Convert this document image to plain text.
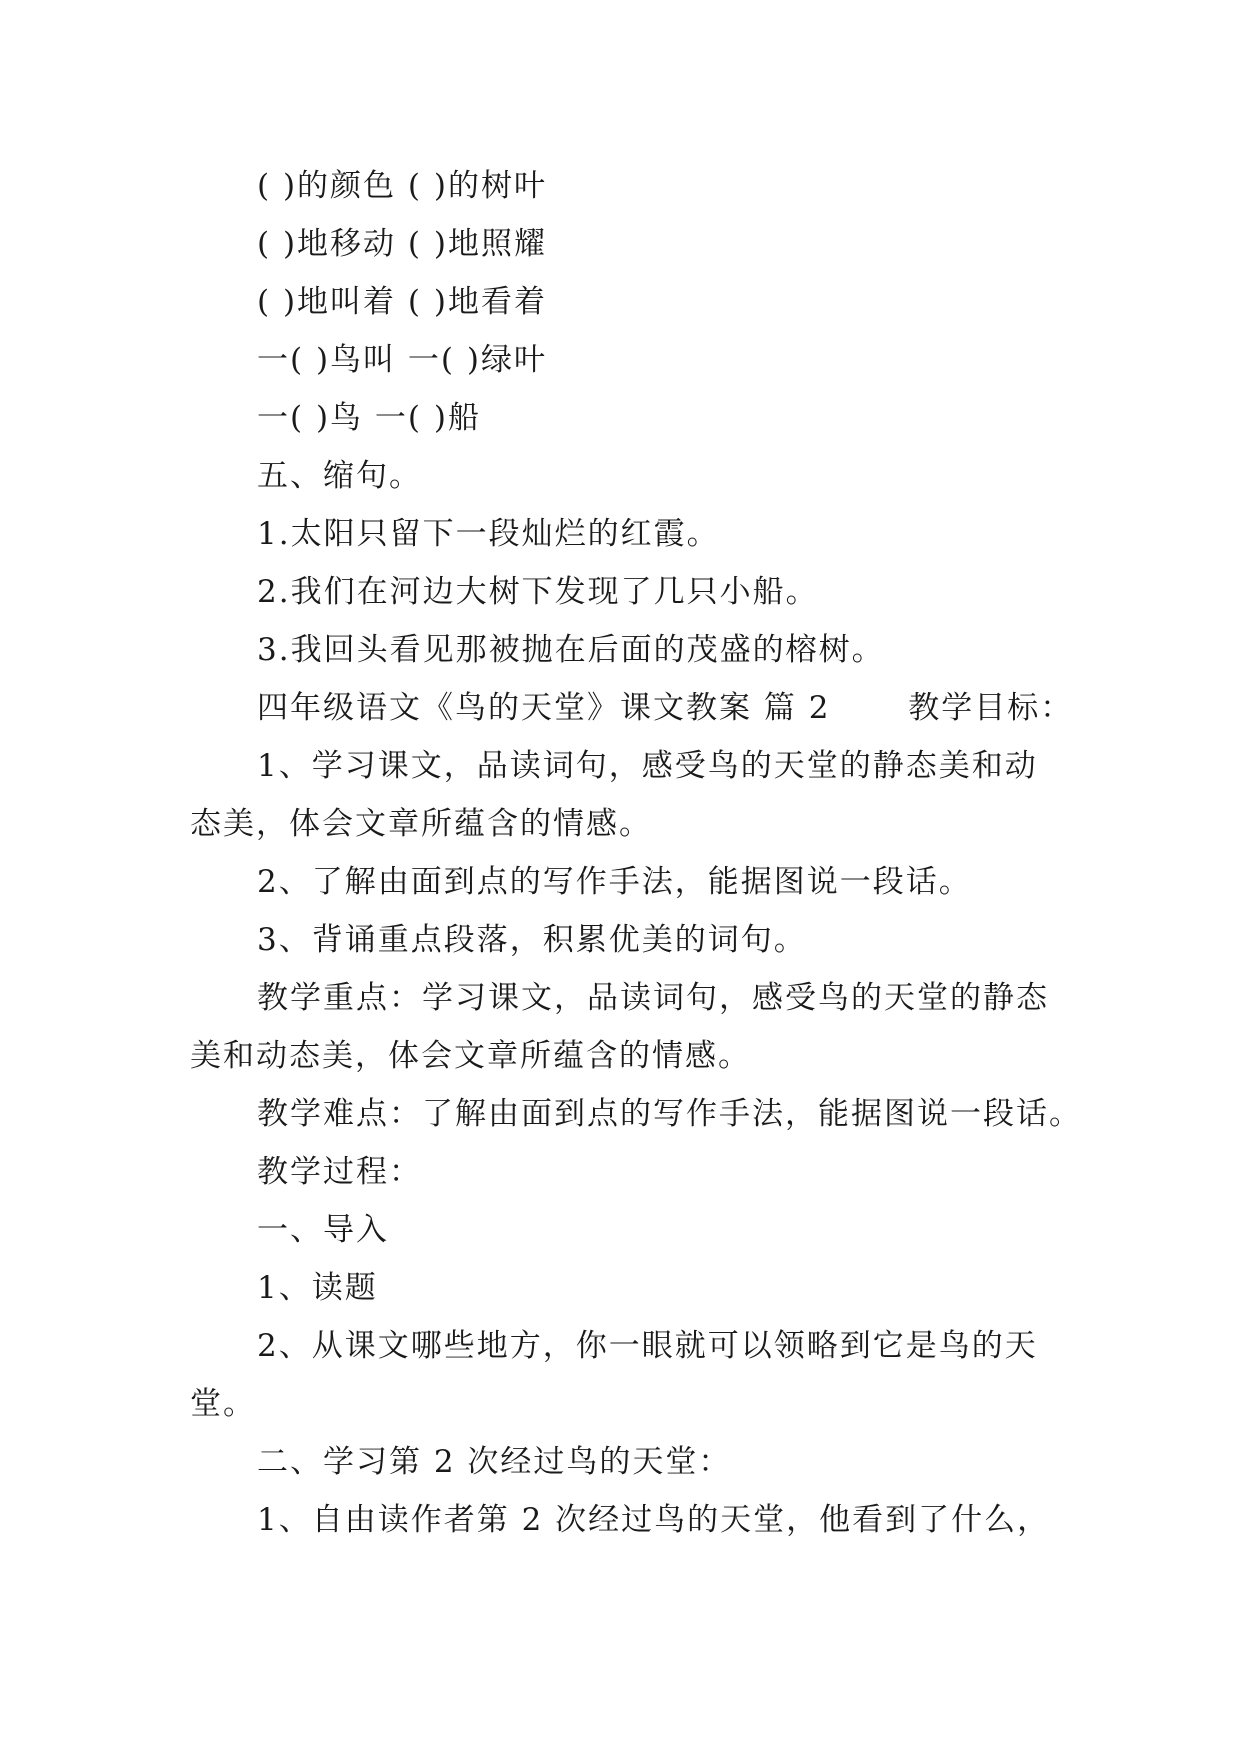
( )的颜色 ( )的树叶
( )地移动 ( )地照耀
( )地叫着 ( )地看着
一( )鸟叫 一( )绿叶
一( )鸟 一( )船
五、缩句。
1.太阳只留下一段灿烂的红霞。
2.我们在河边大树下发现了几只小船。
3.我回头看见那被抛在后面的茂盛的榕树。
四年级语文《鸟的天堂》课文教案 篇 2 　　教学目标：
1、学习课文，品读词句，感受鸟的天堂的静态美和动
态美，体会文章所蕴含的情感。
2、了解由面到点的写作手法，能据图说一段话。
3、背诵重点段落，积累优美的词句。
教学重点：学习课文，品读词句，感受鸟的天堂的静态
美和动态美，体会文章所蕴含的情感。
教学难点：了解由面到点的写作手法，能据图说一段话。
教学过程：
一、导入
1、读题
2、从课文哪些地方，你一眼就可以领略到它是鸟的天
堂。
二、学习第 2 次经过鸟的天堂：
1、自由读作者第 2 次经过鸟的天堂，他看到了什么，
